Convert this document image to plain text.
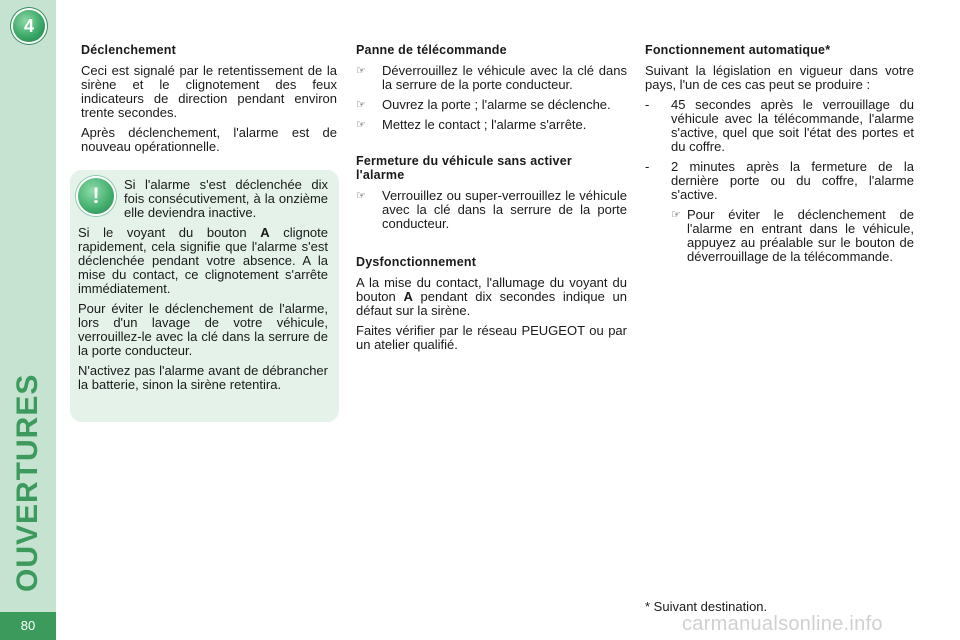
4
OUVERTURES
80
Déclenchement

Ceci est signalé par le retentissement de la sirène et le clignotement des feux indicateurs de direction pendant environ trente secondes.

Après déclenchement, l'alarme est de nouveau opérationnelle.

! Si l'alarme s'est déclenchée dix fois consécutivement, à la onzième elle deviendra inactive.

Si le voyant du bouton A clignote rapidement, cela signifie que l'alarme s'est déclenchée pendant votre absence. A la mise du contact, ce clignotement s'arrête immédiatement.

Pour éviter le déclenchement de l'alarme, lors d'un lavage de votre véhicule, verrouillez-le avec la clé dans la serrure de la porte conducteur.

N'activez pas l'alarme avant de débrancher la batterie, sinon la sirène retentira.

Panne de télécommande
☞	Déverrouillez le véhicule avec la clé dans la serrure de la porte conducteur.
☞	Ouvrez la porte ; l'alarme se déclenche.
☞	Mettez le contact ; l'alarme s'arrête.
Fermeture du véhicule sans activer l'alarme
☞	Verrouillez ou super-verrouillez le véhicule avec la clé dans la serrure de la porte conducteur.
Dysfonctionnement

A la mise du contact, l'allumage du voyant du bouton A pendant dix secondes indique un défaut sur la sirène.

Faites vérifier par le réseau PEUGEOT ou par un atelier qualifié.

Fonctionnement automatique*

Suivant la législation en vigueur dans votre pays, l'un de ces cas peut se produire :

-	45 secondes après le verrouillage du véhicule avec la télécommande, l'alarme s'active, quel que soit l'état des portes et du coffre.
-	2 minutes après la fermeture de la dernière porte ou du coffre, l'alarme s'active.
☞ Pour éviter le déclenchement de l'alarme en entrant dans le véhicule, appuyez au préalable sur le bouton de déverrouillage de la télécommande.
* Suivant destination.
carmanualsonline.info
